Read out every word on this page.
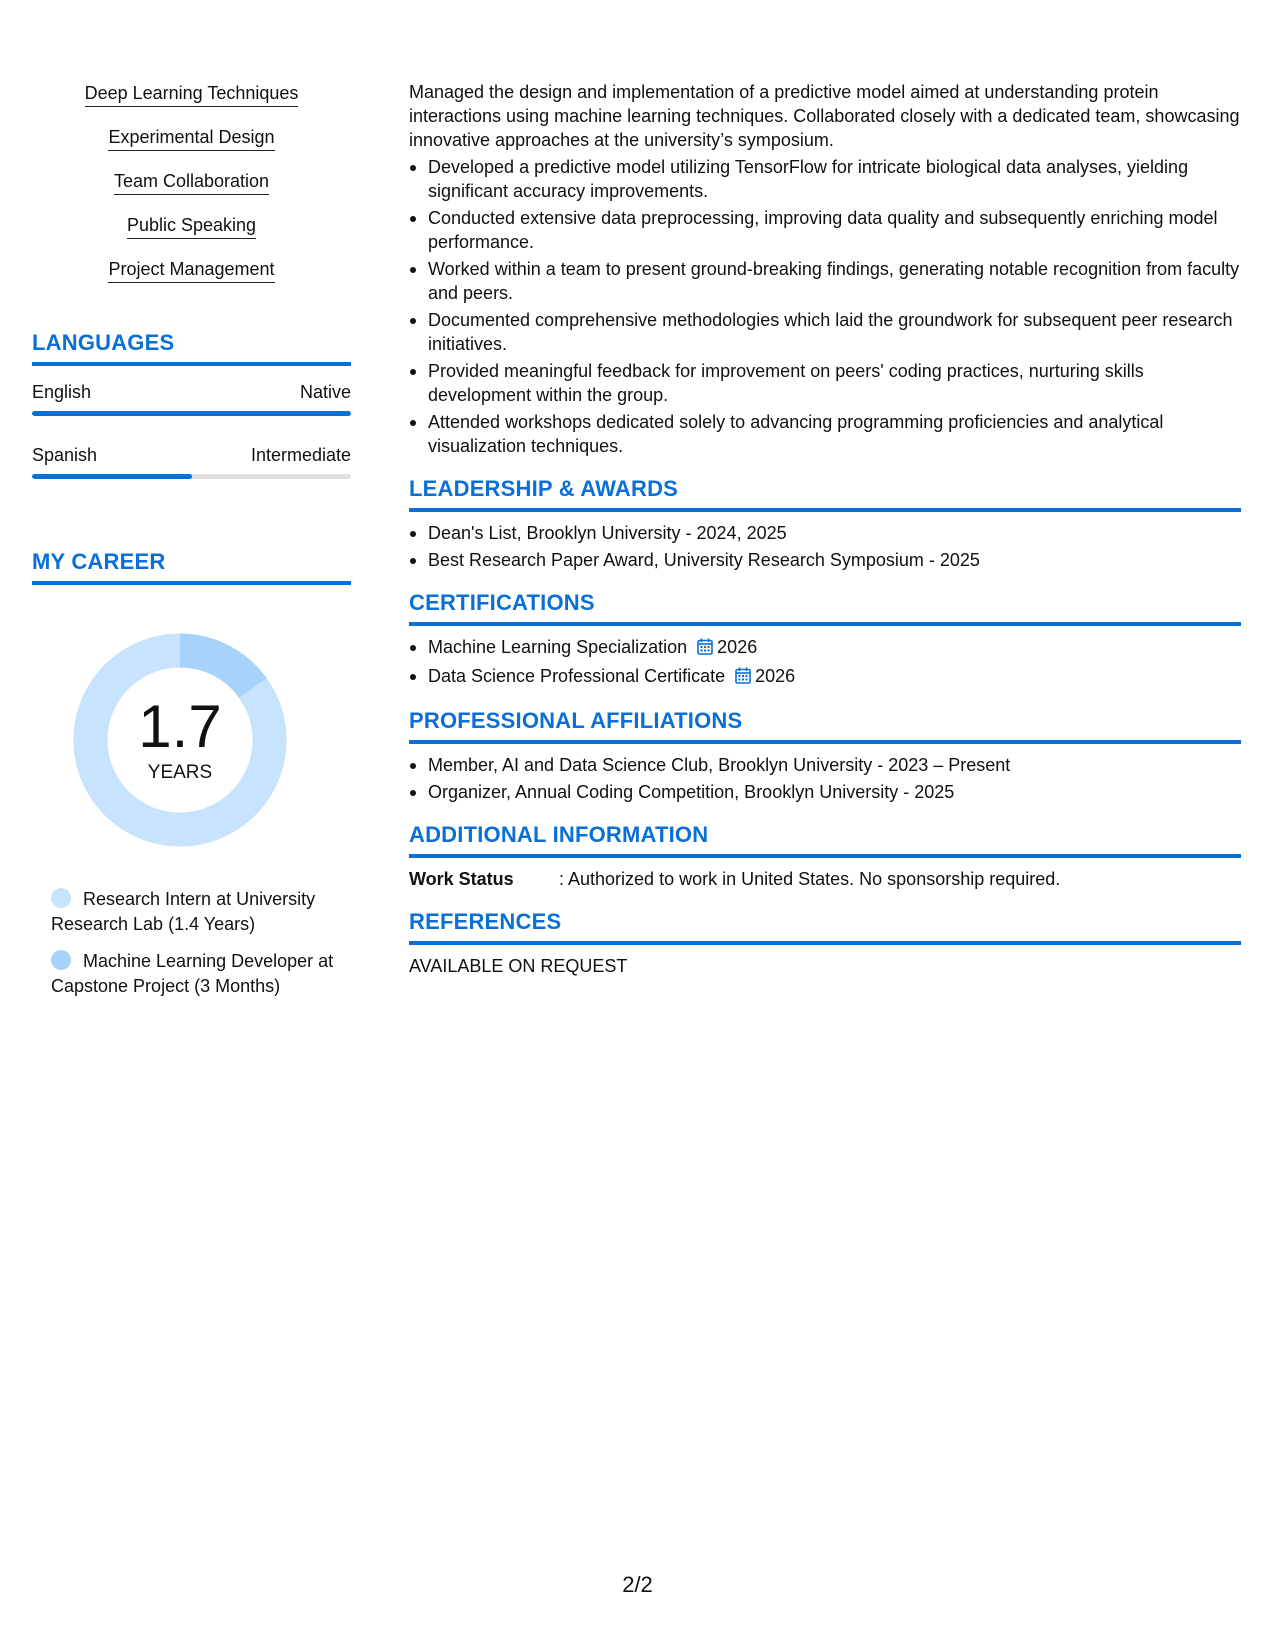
Deep Learning Techniques
Experimental Design
Team Collaboration
Public Speaking
Project Management
LANGUAGES
English	Native
Spanish	Intermediate
MY CAREER
1.7
YEARS
Research Intern at University Research Lab (1.4 Years)
Machine Learning Developer at Capstone Project (3 Months)

Managed the design and implementation of a predictive model aimed at understanding protein interactions using machine learning techniques. Collaborated closely with a dedicated team, showcasing innovative approaches at the university’s symposium.

Developed a predictive model utilizing TensorFlow for intricate biological data analyses, yielding significant accuracy improvements.
Conducted extensive data preprocessing, improving data quality and subsequently enriching model performance.
Worked within a team to present ground-breaking findings, generating notable recognition from faculty and peers.
Documented comprehensive methodologies which laid the groundwork for subsequent peer research initiatives.
Provided meaningful feedback for improvement on peers' coding practices, nurturing skills development within the group.
Attended workshops dedicated solely to advancing programming proficiencies and analytical visualization techniques.
LEADERSHIP & AWARDS
Dean's List, Brooklyn University - 2024, 2025
Best Research Paper Award, University Research Symposium - 2025
CERTIFICATIONS
Machine Learning Specialization 2026
Data Science Professional Certificate 2026
PROFESSIONAL AFFILIATIONS
Member, AI and Data Science Club, Brooklyn University - 2023 – Present
Organizer, Annual Coding Competition, Brooklyn University - 2025
ADDITIONAL INFORMATION
Work Status	: Authorized to work in United States. No sponsorship required.
REFERENCES
AVAILABLE ON REQUEST
2/2
